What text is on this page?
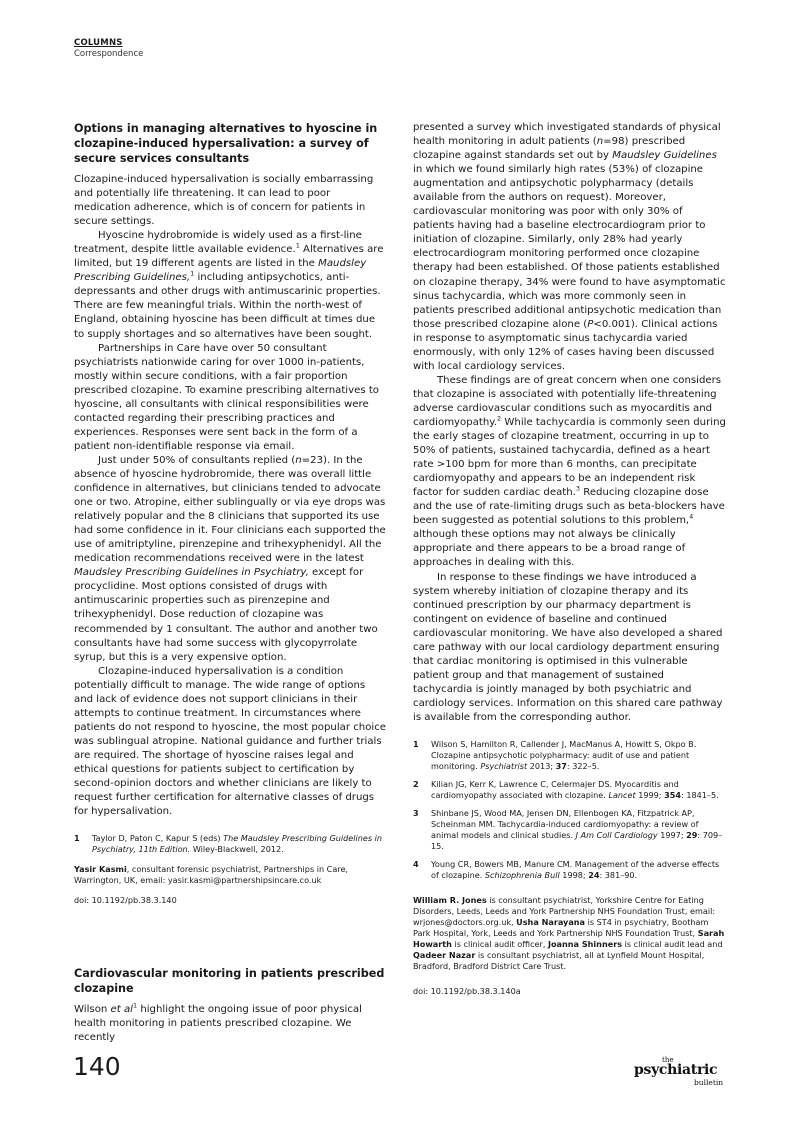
COLUMNS
Correspondence
Options in managing alternatives to hyoscine in clozapine-induced hypersalivation: a survey of secure services consultants

Clozapine-induced hypersalivation is socially embarrassing and potentially life threatening. It can lead to poor medication adherence, which is of concern for patients in secure settings.

Hyoscine hydrobromide is widely used as a first-line treatment, despite little available evidence.$^1$ Alternatives are limited, but 19 different agents are listed in the Maudsley Prescribing Guidelines,$^1$ including antipsychotics, anti-depressants and other drugs with antimuscarinic properties. There are few meaningful trials. Within the north-west of England, obtaining hyoscine has been difficult at times due to supply shortages and so alternatives have been sought.

Partnerships in Care have over 50 consultant psychiatrists nationwide caring for over 1000 in-patients, mostly within secure conditions, with a fair proportion prescribed clozapine. To examine prescribing alternatives to hyoscine, all consultants with clinical responsibilities were contacted regarding their prescribing practices and experiences. Responses were sent back in the form of a patient non-identifiable response via email.

Just under 50% of consultants replied (n=23). In the absence of hyoscine hydrobromide, there was overall little confidence in alternatives, but clinicians tended to advocate one or two. Atropine, either sublingually or via eye drops was relatively popular and the 8 clinicians that supported its use had some confidence in it. Four clinicians each supported the use of amitriptyline, pirenzepine and trihexyphenidyl. All the medication recommendations received were in the latest Maudsley Prescribing Guidelines in Psychiatry, except for procyclidine. Most options consisted of drugs with antimuscarinic properties such as pirenzepine and trihexyphenidyl. Dose reduction of clozapine was recommended by 1 consultant. The author and another two consultants have had some success with glycopyrrolate syrup, but this is a very expensive option.

Clozapine-induced hypersalivation is a condition potentially difficult to manage. The wide range of options and lack of evidence does not support clinicians in their attempts to continue treatment. In circumstances where patients do not respond to hyoscine, the most popular choice was sublingual atropine. National guidance and further trials are required. The shortage of hyoscine raises legal and ethical questions for patients subject to certification by second-opinion doctors and whether clinicians are likely to request further certification for alternative classes of drugs for hypersalivation.

1	Taylor D, Paton C, Kapur S (eds) The Maudsley Prescribing Guidelines in Psychiatry, 11th Edition. Wiley-Blackwell, 2012.

Yasir Kasmi, consultant forensic psychiatrist, Partnerships in Care, Warrington, UK, email: yasir.kasmi@partnershipsincare.co.uk

doi: 10.1192/pb.38.3.140

Cardiovascular monitoring in patients prescribed clozapine

Wilson et $al^1$ highlight the ongoing issue of poor physical health monitoring in patients prescribed clozapine. We recently

presented a survey which investigated standards of physical health monitoring in adult patients (n=98) prescribed clozapine against standards set out by Maudsley Guidelines in which we found similarly high rates (53%) of clozapine augmentation and antipsychotic polypharmacy (details available from the authors on request). Moreover, cardiovascular monitoring was poor with only 30% of patients having had a baseline electrocardiogram prior to initiation of clozapine. Similarly, only 28% had yearly electrocardiogram monitoring performed once clozapine therapy had been established. Of those patients established on clozapine therapy, 34% were found to have asymptomatic sinus tachycardia, which was more commonly seen in patients prescribed additional antipsychotic medication than those prescribed clozapine alone (P<0.001). Clinical actions in response to asymptomatic sinus tachycardia varied enormously, with only 12% of cases having been discussed with local cardiology services.

These findings are of great concern when one considers that clozapine is associated with potentially life-threatening adverse cardiovascular conditions such as myocarditis and cardiomyopathy.$^2$ While tachycardia is commonly seen during the early stages of clozapine treatment, occurring in up to 50% of patients, sustained tachycardia, defined as a heart rate >100 bpm for more than 6 months, can precipitate cardiomyopathy and appears to be an independent risk factor for sudden cardiac death.$^3$ Reducing clozapine dose and the use of rate-limiting drugs such as beta-blockers have been suggested as potential solutions to this problem,$^4$ although these options may not always be clinically appropriate and there appears to be a broad range of approaches in dealing with this.

In response to these findings we have introduced a system whereby initiation of clozapine therapy and its continued prescription by our pharmacy department is contingent on evidence of baseline and continued cardiovascular monitoring. We have also developed a shared care pathway with our local cardiology department ensuring that cardiac monitoring is optimised in this vulnerable patient group and that management of sustained tachycardia is jointly managed by both psychiatric and cardiology services. Information on this shared care pathway is available from the corresponding author.

1	Wilson S, Hamilton R, Callender J, MacManus A, Howitt S, Okpo B. Clozapine antipsychotic polypharmacy: audit of use and patient monitoring. Psychiatrist 2013; 37: 322–5.
2	Kilian JG, Kerr K, Lawrence C, Celermajer DS. Myocarditis and cardiomyopathy associated with clozapine. Lancet 1999; 354: 1841–5.
3	Shinbane JS, Wood MA, Jensen DN, Ellenbogen KA, Fitzpatrick AP, Scheinman MM. Tachycardia-induced cardiomyopathy: a review of animal models and clinical studies. J Am Coll Cardiology 1997; 29: 709–15.
4	Young CR, Bowers MB, Manure CM. Management of the adverse effects of clozapine. Schizophrenia Bull 1998; 24: 381–90.

William R. Jones is consultant psychiatrist, Yorkshire Centre for Eating Disorders, Leeds, Leeds and York Partnership NHS Foundation Trust, email: wrjones@doctors.org.uk, Usha Narayana is ST4 in psychiatry, Bootham Park Hospital, York, Leeds and York Partnership NHS Foundation Trust, Sarah Howarth is clinical audit officer, Joanna Shinners is clinical audit lead and Qadeer Nazar is consultant psychiatrist, all at Lynfield Mount Hospital, Bradford, Bradford District Care Trust.

doi: 10.1192/pb.38.3.140a

140	the
psychiatric
bulletin
